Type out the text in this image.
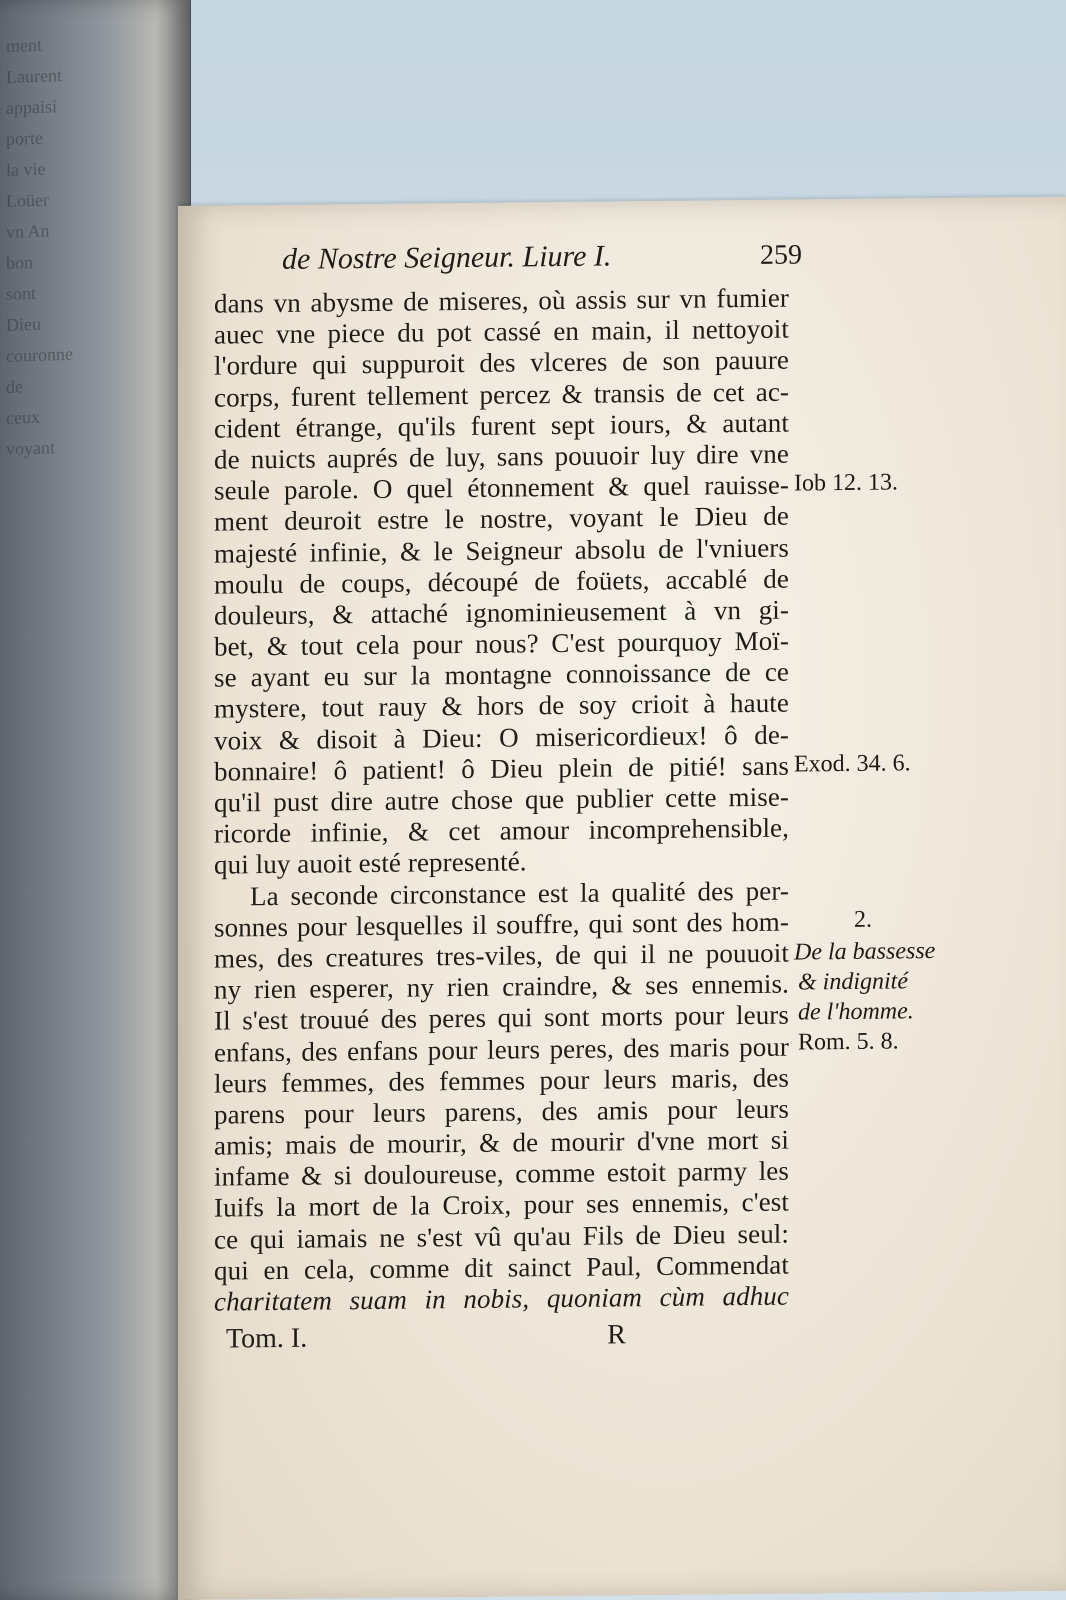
ment
Laurent
appaisi
porte
la vie
Loüer
vn An
bon
sont
Dieu
couronne
de
ceux
voyant
de Nostre Seigneur. Liure I.	259
dans vn abysme de miseres, où assis sur vn fumier
auec vne piece du pot cassé en main, il nettoyoit
l'ordure qui suppuroit des vlceres de son pauure
corps, furent tellement percez & transis de cet ac-
cident étrange, qu'ils furent sept iours, & autant
de nuicts auprés de luy, sans pouuoir luy dire vne
seule parole. O quel étonnement & quel rauisse-
ment deuroit estre le nostre, voyant le Dieu de
majesté infinie, & le Seigneur absolu de l'vniuers
moulu de coups, découpé de foüets, accablé de
douleurs, & attaché ignominieusement à vn gi-
bet, & tout cela pour nous? C'est pourquoy Moï-
se ayant eu sur la montagne connoissance de ce
mystere, tout rauy & hors de soy crioit à haute
voix & disoit à Dieu: O misericordieux! ô de-
bonnaire! ô patient! ô Dieu plein de pitié! sans
qu'il pust dire autre chose que publier cette mise-
ricorde infinie, & cet amour incomprehensible,
qui luy auoit esté representé.
La seconde circonstance est la qualité des per-
sonnes pour lesquelles il souffre, qui sont des hom-
mes, des creatures tres-viles, de qui il ne pouuoit
ny rien esperer, ny rien craindre, & ses ennemis.
Il s'est trouué des peres qui sont morts pour leurs
enfans, des enfans pour leurs peres, des maris pour
leurs femmes, des femmes pour leurs maris, des
parens pour leurs parens, des amis pour leurs
amis; mais de mourir, & de mourir d'vne mort si
infame & si douloureuse, comme estoit parmy les
Iuifs la mort de la Croix, pour ses ennemis, c'est
ce qui iamais ne s'est vû qu'au Fils de Dieu seul:
qui en cela, comme dit sainct Paul, Commendat
charitatem suam in nobis, quoniam cùm adhuc
Tom. I.	R
Iob 12. 13.
Exod. 34. 6.
2.
De la bassesse
& indignité
de l'homme.
Rom. 5. 8.
